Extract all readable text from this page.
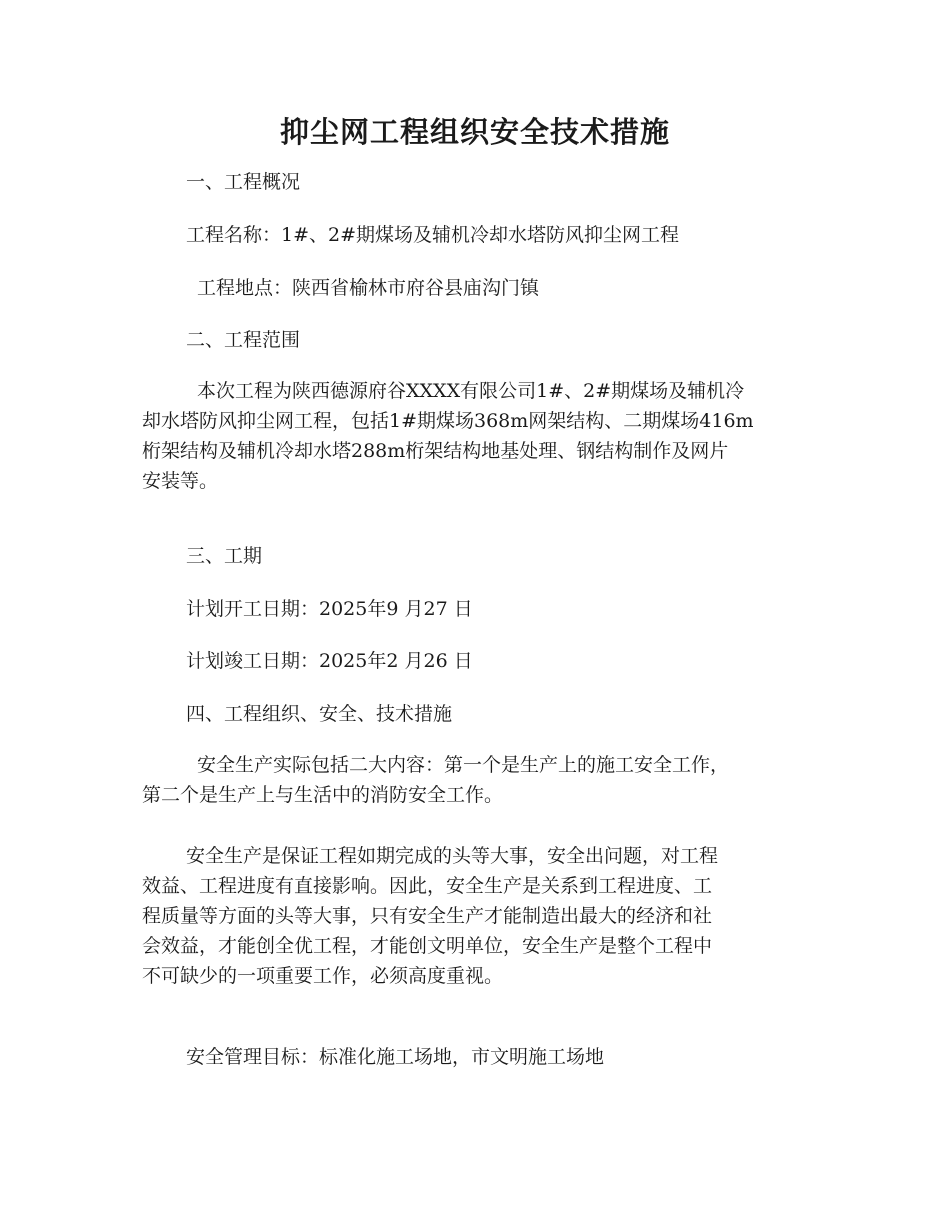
抑尘网工程组织安全技术措施
一、工程概况
工程名称：1#、2#期煤场及辅机冷却水塔防风抑尘网工程
工程地点：陕西省榆林市府谷县庙沟门镇
二、工程范围
本次工程为陕西德源府谷XXXX有限公司1#、2#期煤场及辅机冷
却水塔防风抑尘网工程，包括1#期煤场368m网架结构、二期煤场416m
桁架结构及辅机冷却水塔288m桁架结构地基处理、钢结构制作及网片
安装等。
三、工期
计划开工日期：2025年9 月27 日
计划竣工日期：2025年2 月26 日
四、工程组织、安全、技术措施
安全生产实际包括二大内容：第一个是生产上的施工安全工作，
第二个是生产上与生活中的消防安全工作。
安全生产是保证工程如期完成的头等大事，安全出问题，对工程
效益、工程进度有直接影响。因此，安全生产是关系到工程进度、工
程质量等方面的头等大事，只有安全生产才能制造出最大的经济和社
会效益，才能创全优工程，才能创文明单位，安全生产是整个工程中
不可缺少的一项重要工作，必须高度重视。
安全管理目标：标准化施工场地，市文明施工场地
